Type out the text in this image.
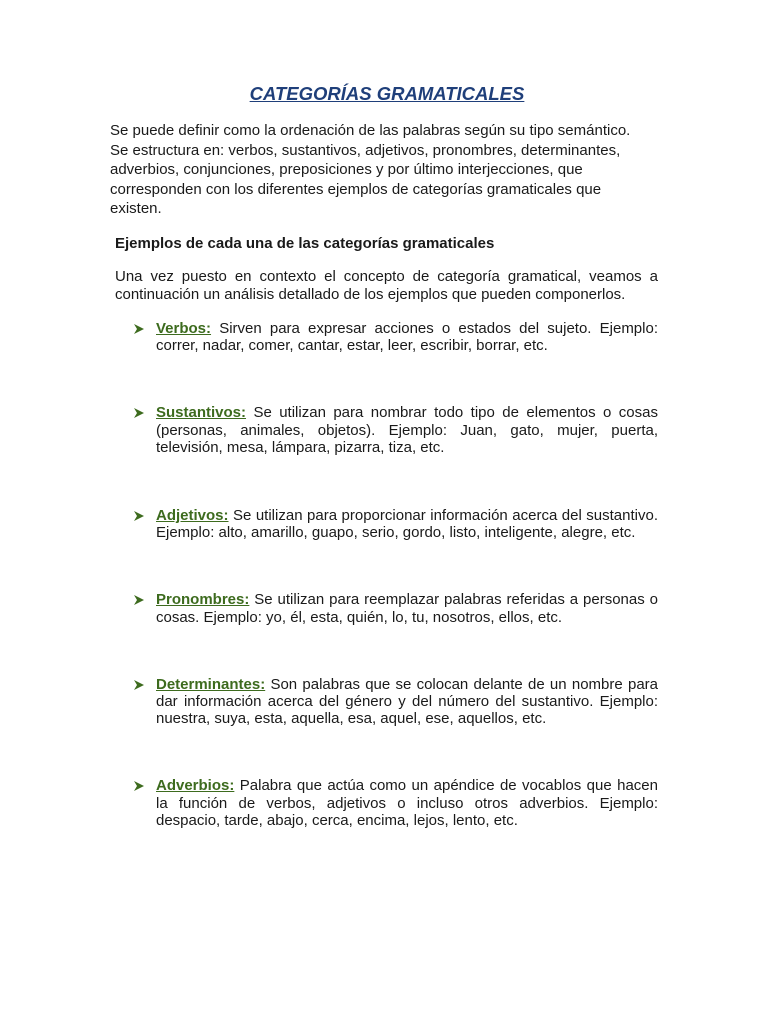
CATEGORÍAS GRAMATICALES
Se puede definir como la ordenación de las palabras según su tipo semántico. Se estructura en: verbos, sustantivos, adjetivos, pronombres, determinantes, adverbios, conjunciones, preposiciones y por último interjecciones, que corresponden con los diferentes ejemplos de categorías gramaticales que existen.
Ejemplos de cada una de las categorías gramaticales
Una vez puesto en contexto el concepto de categoría gramatical, veamos a continuación un análisis detallado de los ejemplos que pueden componerlos.
Verbos: Sirven para expresar acciones o estados del sujeto. Ejemplo: correr, nadar, comer, cantar, estar, leer, escribir, borrar, etc.
Sustantivos: Se utilizan para nombrar todo tipo de elementos o cosas (personas, animales, objetos). Ejemplo: Juan, gato, mujer, puerta, televisión, mesa, lámpara, pizarra, tiza, etc.
Adjetivos: Se utilizan para proporcionar información acerca del sustantivo. Ejemplo: alto, amarillo, guapo, serio, gordo, listo, inteligente, alegre, etc.
Pronombres: Se utilizan para reemplazar palabras referidas a personas o cosas. Ejemplo: yo, él, esta, quién, lo, tu, nosotros, ellos, etc.
Determinantes: Son palabras que se colocan delante de un nombre para dar información acerca del género y del número del sustantivo. Ejemplo: nuestra, suya, esta, aquella, esa, aquel, ese, aquellos, etc.
Adverbios: Palabra que actúa como un apéndice de vocablos que hacen la función de verbos, adjetivos o incluso otros adverbios. Ejemplo: despacio, tarde, abajo, cerca, encima, lejos, lento, etc.
